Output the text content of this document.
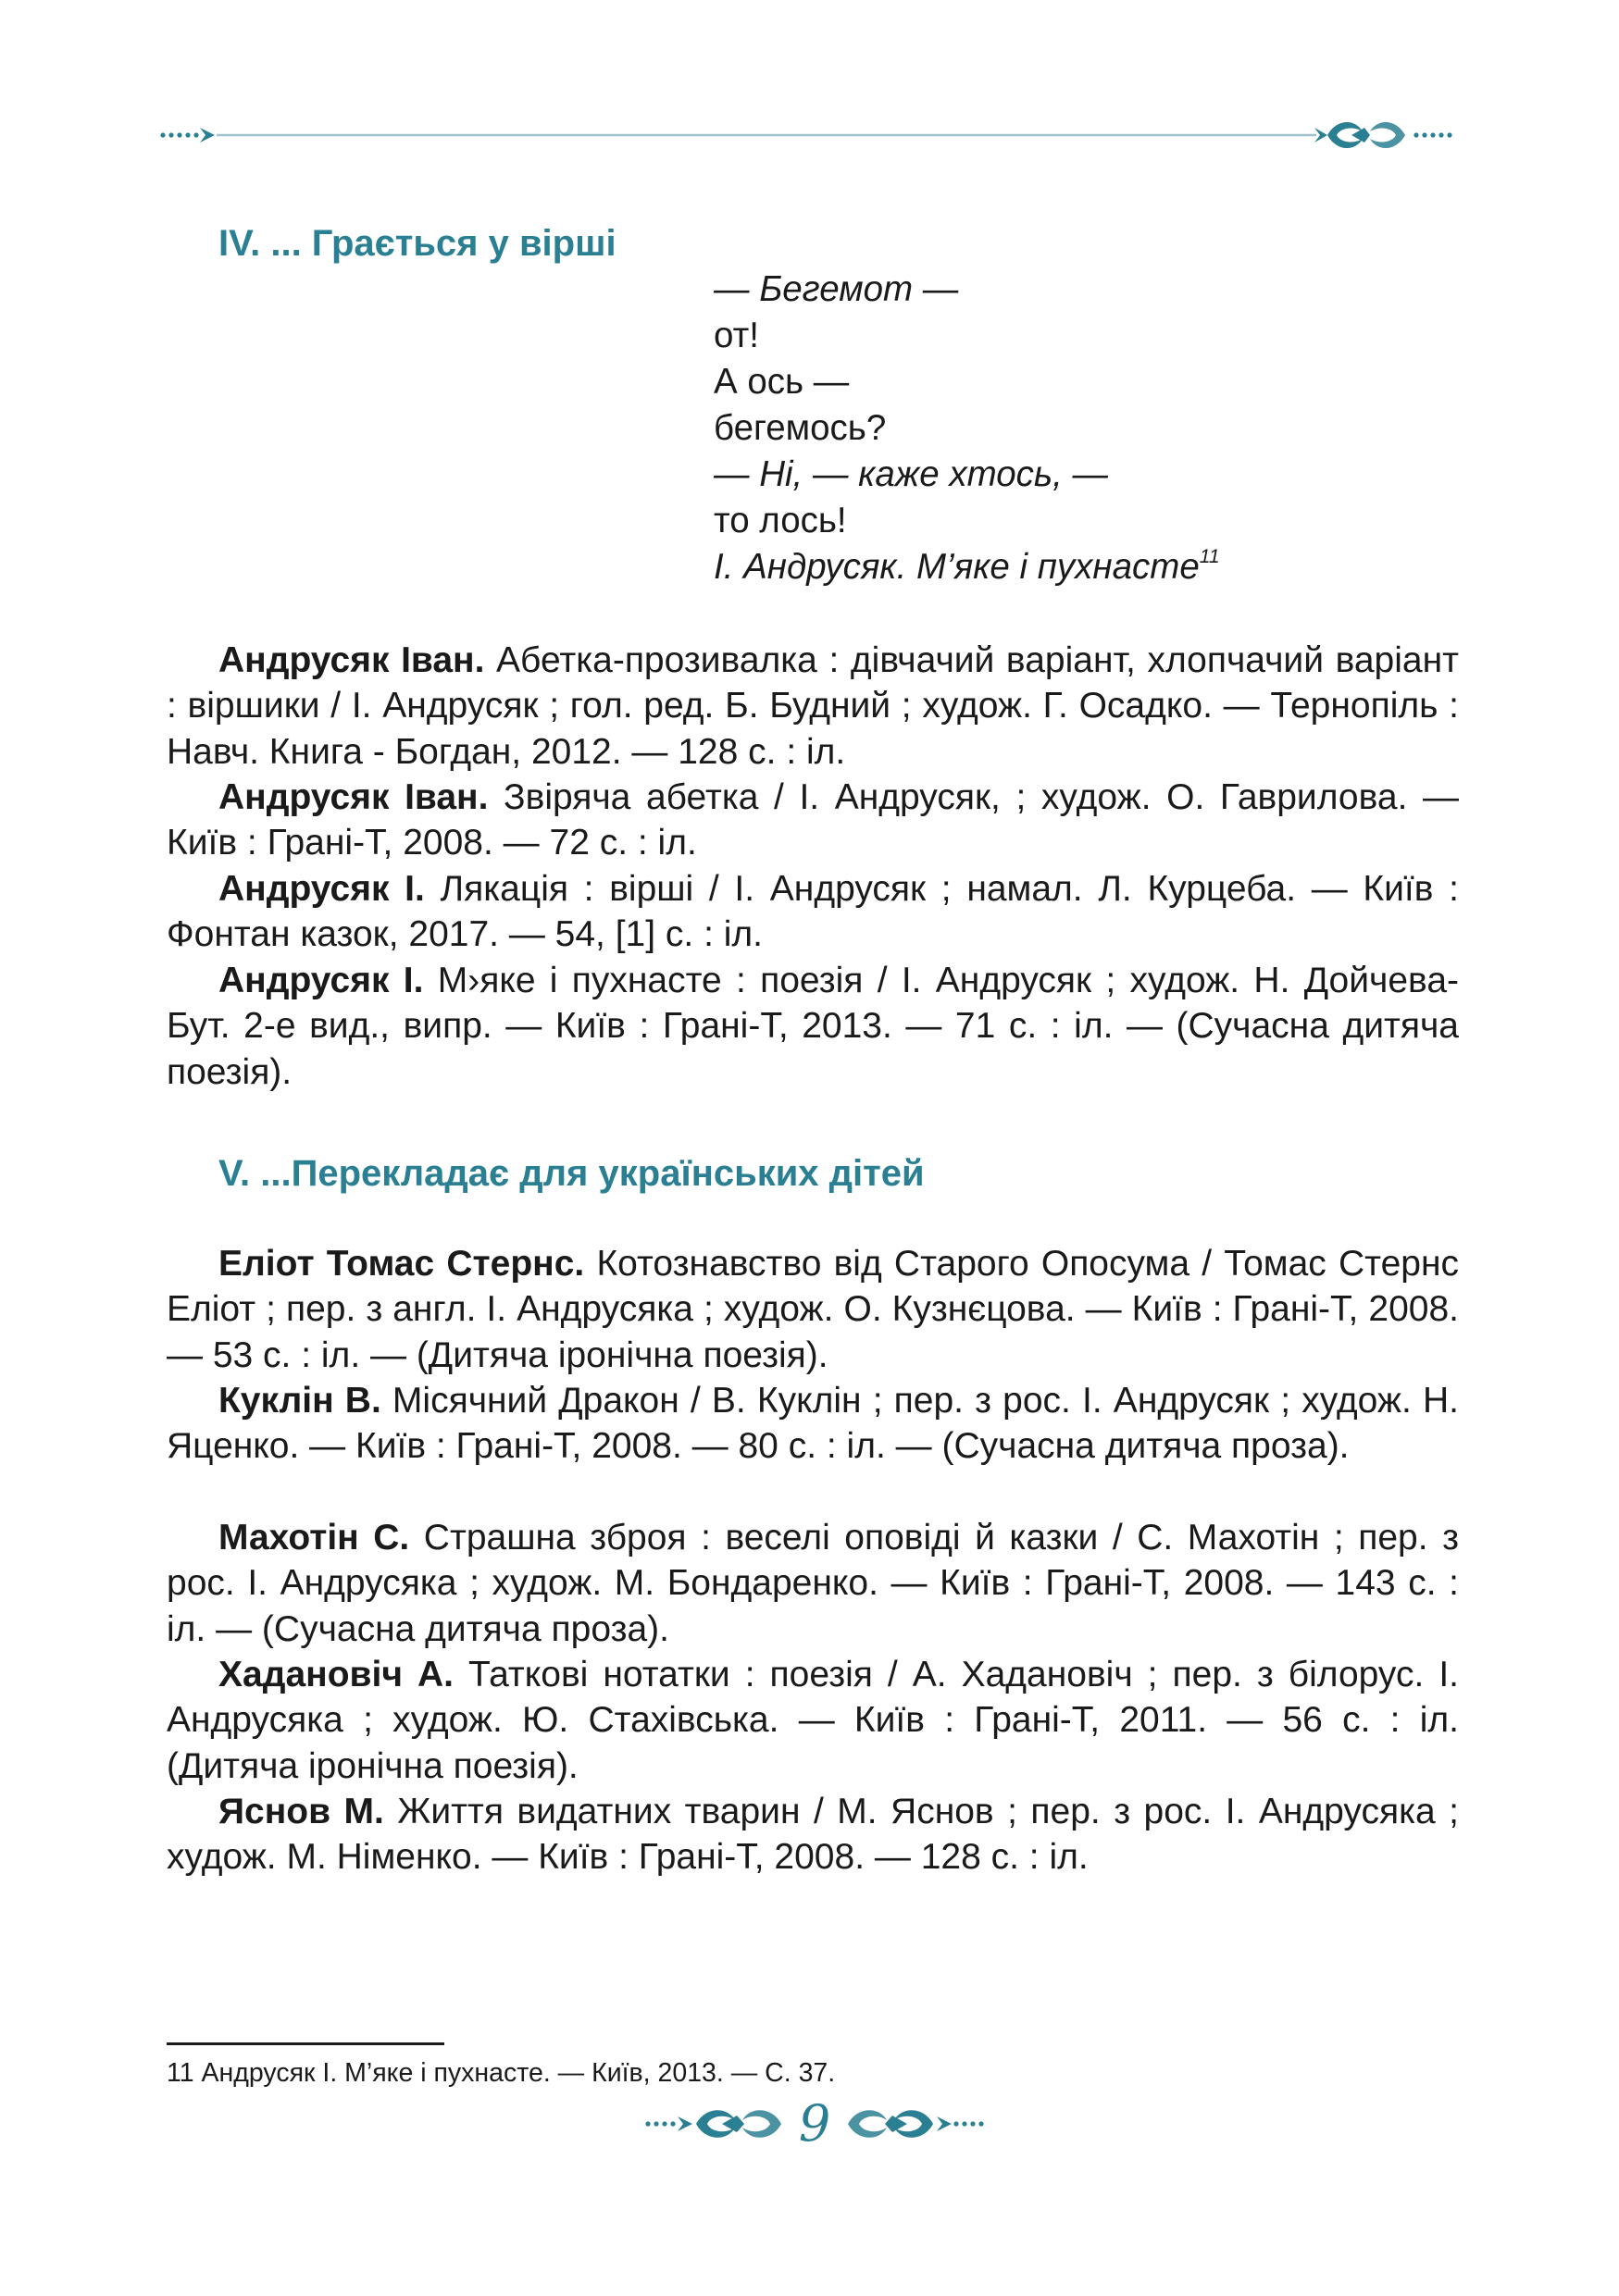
IV. ... Грається у вірші
— Бегемот —
от!
А ось —
бегемось?
— Ні, — каже хтось, —
то лось!
І. Андрусяк. М’яке і пухнасте$^{11}$

Андрусяк Іван. Абетка-прозивалка : дівчачий варіант, хлопчачий варіант : віршики / І. Андрусяк ; гол. ред. Б. Будний ; худож. Г. Осадко. — Тернопіль : Навч. Книга - Богдан, 2012. — 128 с. : іл.

Андрусяк Іван. Звіряча абетка / І. Андрусяк, ; худож. О. Гаврилова. — Київ : Грані-Т, 2008. — 72 с. : іл.

Андрусяк І. Лякація : вірші / І. Андрусяк ; намал. Л. Курцеба. — Київ : Фонтан казок, 2017. — 54, [1] с. : іл.

Андрусяк І. М›яке і пухнасте : поезія / І. Андрусяк ; худож. Н. Дойчева-Бут. 2-е вид., випр. — Київ : Грані-Т, 2013. — 71 с. : іл. — (Сучасна дитяча поезія).

V. ...Перекладає для українських дітей

Еліот Томас Стернс. Котознавство від Старого Опосума / Томас Стернс Еліот ; пер. з англ. І. Андрусяка ; худож. О. Кузнєцова. — Київ : Грані-Т, 2008. — 53 с. : іл. — (Дитяча іронічна поезія).

Куклін В. Місячний Дракон / В. Куклін ; пер. з рос. І. Андрусяк ; худож. Н. Яценко. — Київ : Грані-Т, 2008. — 80 с. : іл. — (Сучасна дитяча проза).

Махотін С. Страшна зброя : веселі оповіді й казки / С. Махотін ; пер. з рос. І. Андрусяка ; худож. М. Бондаренко. — Київ : Грані-Т, 2008. — 143 с. : іл. — (Сучасна дитяча проза).

Хадановіч А. Таткові нотатки : поезія / А. Хадановіч ; пер. з білорус. І. Андрусяка ; худож. Ю. Стахівська. — Київ : Грані-Т, 2011. — 56 с. : іл. (Дитяча іронічна поезія).

Яснов М. Життя видатних тварин / М. Яснов ; пер. з рос. І. Андрусяка ; худож. М. Німенко. — Київ : Грані-Т, 2008. — 128 с. : іл.

11 Андрусяк І. М’яке і пухнасте. — Київ, 2013. — С. 37.

9
